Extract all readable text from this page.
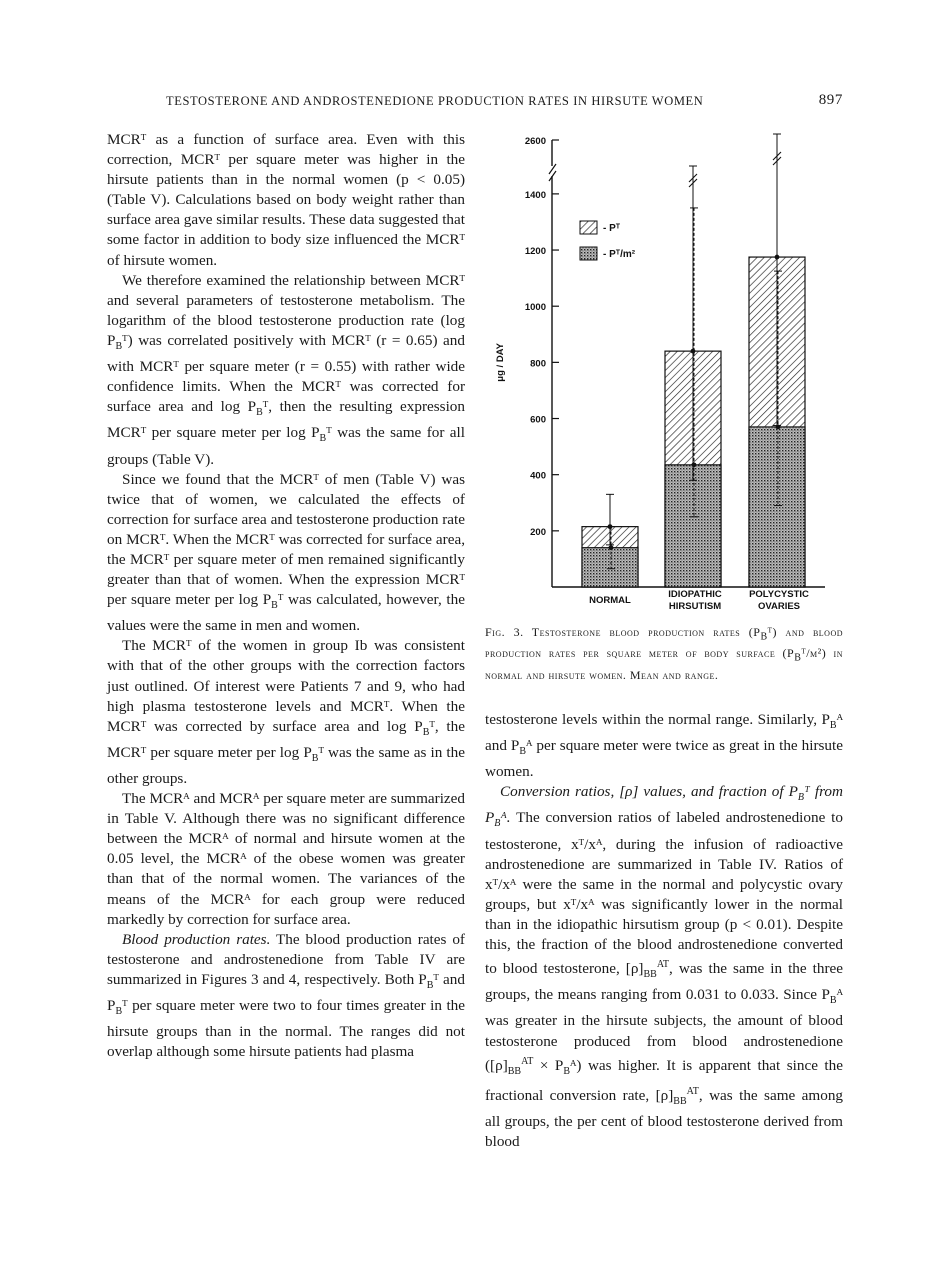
TESTOSTERONE AND ANDROSTENEDIONE PRODUCTION RATES IN HIRSUTE WOMEN	897

MCRᵀ as a function of surface area. Even with this correction, MCRᵀ per square meter was higher in the hirsute patients than in the normal women (p < 0.05) (Table V). Calculations based on body weight rather than surface area gave similar results. These data suggested that some factor in addition to body size influenced the MCRᵀ of hirsute women.

We therefore examined the relationship between MCRᵀ and several parameters of testosterone metabolism. The logarithm of the blood testosterone production rate (log $P_Bᵀ$) was correlated positively with MCRᵀ (r = 0.65) and with MCRᵀ per square meter (r = 0.55) with rather wide confidence limits. When the MCRᵀ was corrected for surface area and $\log P_Bᵀ$, then the resulting expression MCRᵀ per square meter per $\log P_Bᵀ$ was the same for all groups (Table V).

Since we found that the MCRᵀ of men (Table V) was twice that of women, we calculated the effects of correction for surface area and testosterone production rate on MCRᵀ. When the MCRᵀ was corrected for surface area, the MCRᵀ per square meter of men remained significantly greater than that of women. When the expression MCRᵀ per square meter per $\log P_Bᵀ$ was calculated, however, the values were the same in men and women.

The MCRᵀ of the women in group Ib was consistent with that of the other groups with the correction factors just outlined. Of interest were Patients 7 and 9, who had high plasma testosterone levels and MCRᵀ. When the MCRᵀ was corrected by surface area and $\log P_Bᵀ$, the MCRᵀ per square meter per $\log P_Bᵀ$ was the same as in the other groups.

The MCRᴬ and MCRᴬ per square meter are summarized in Table V. Although there was no significant difference between the MCRᴬ of normal and hirsute women at the 0.05 level, the MCRᴬ of the obese women was greater than that of the normal women. The variances of the means of the MCRᴬ for each group were reduced markedly by correction for surface area.

Blood production rates. The blood production rates of testosterone and androstenedione from Table IV are summarized in Figures 3 and 4, respectively. Both $P_Bᵀ$ and $P_Bᵀ$ per square meter were two to four times greater in the hirsute groups than in the normal. The ranges did not overlap although some hirsute patients had plasma

200
400
600
800
1000
1200
1400
2600
μg / DAY
NORMAL
IDIOPATHIC HIRSUTISM
POLYCYSTIC OVARIES
- Pᵀ
- Pᵀ/m²
Fig. 3. Testosterone blood production rates $(P_Bᵀ)$ and blood production rates per square meter of body surface $(P_Bᵀ/m^2)$ in normal and hirsute women. Mean and range.

testosterone levels within the normal range. Similarly, $P_Bᴬ$ and $P_Bᴬ$ per square meter were twice as great in the hirsute women.

Conversion ratios, [ρ] values, and fraction of $P_Bᵀ$ from $P_Bᴬ$. The conversion ratios of labeled androstenedione to testosterone, xᵀ/xᴬ, during the infusion of radioactive androstenedione are summarized in Table IV. Ratios of xᵀ/xᴬ were the same in the normal and polycystic ovary groups, but xᵀ/xᴬ was significantly lower in the normal than in the idiopathic hirsutism group (p < 0.01). Despite this, the fraction of the blood androstenedione converted to blood testosterone, $[\rho]_{BB}^{AT}$, was the same in the three groups, the means ranging from 0.031 to 0.033. Since $P_Bᴬ$ was greater in the hirsute subjects, the amount of blood testosterone produced from blood androstenedione ($[\rho]_{BB}^{AT}$ × $P_Bᴬ$) was higher. It is apparent that since the fractional conversion rate, $[\rho]_{BB}^{AT}$, was the same among all groups, the per cent of blood testosterone derived from blood
